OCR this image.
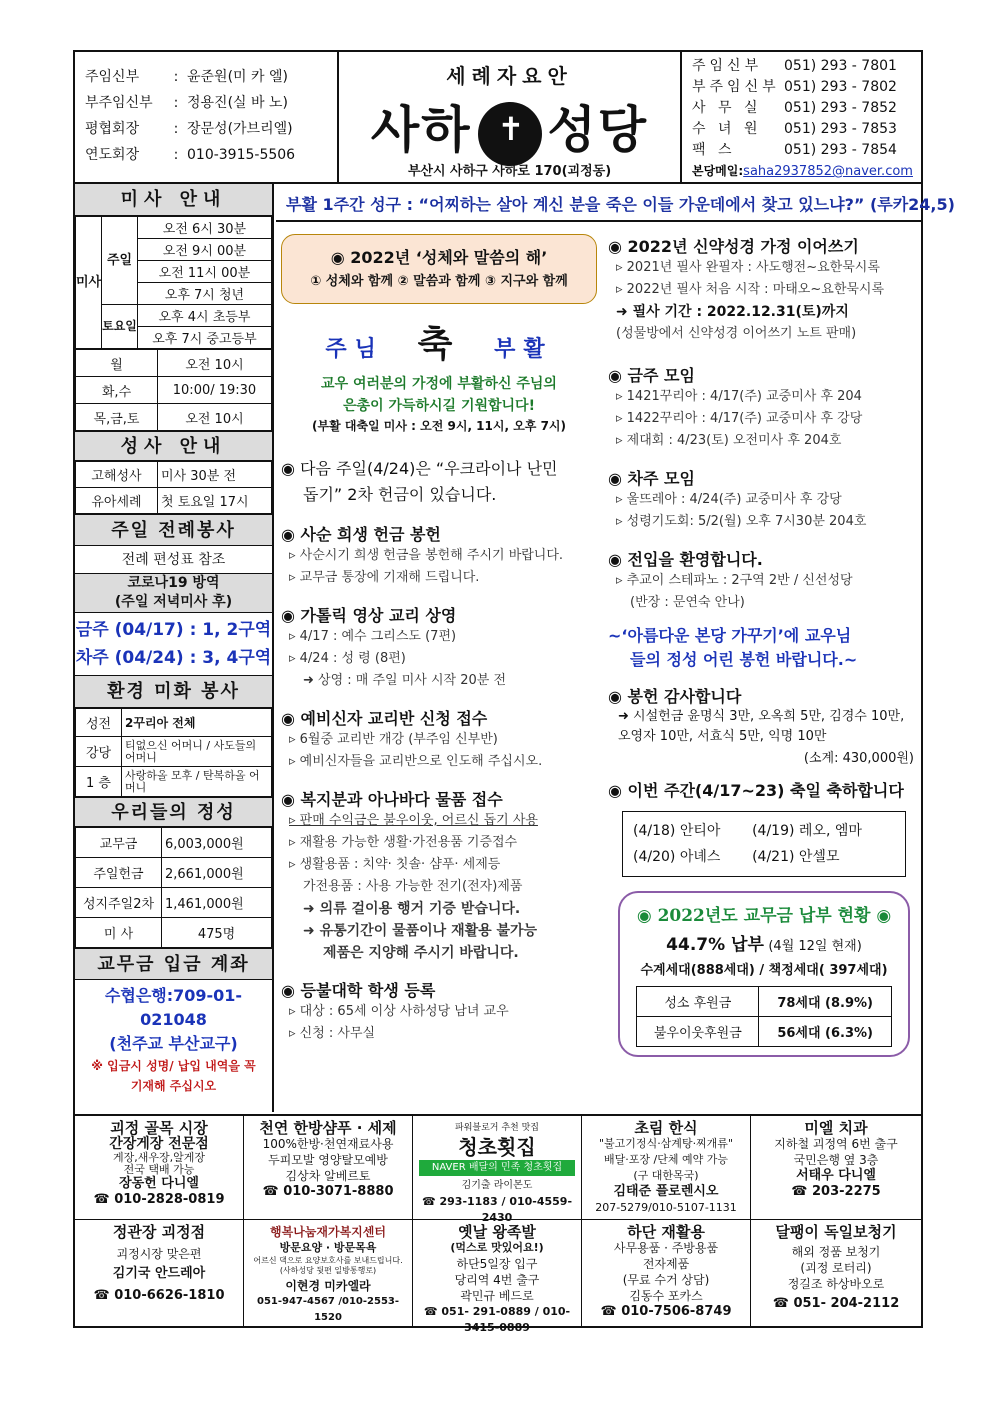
주임신부	: 윤준원(미 카 엘)
부주임신부	: 정용진(실 바 노)
평협회장	: 장문성(가브리엘)
연도회장	: 010-3915-5506
세례자요안
사하 ✝ 성당
부산시 사하구 사하로 170(괴정동)
주임신부	051) 293 - 7801
부주임신부 051) 293 - 7802
사 무 실	051) 293 - 7852
수 녀 원	051) 293 - 7853
팩 스	051) 293 - 7854
본당메일: saha2937852@naver.com
미사 안내
미사	주일	오전 6시 30분
		오전 9시 00분
		오전 11시 00분
		오후 7시 청년
	토요일	오후 4시 초등부
		오후 7시 중고등부
월	오전 10시
화,수	10:00/ 19:30
목,금,토	오전 10시
성사 안내
고해성사	미사 30분 전
유아세례	첫 토요일 17시
주일 전례봉사
전례 편성표 참조
코로나19 방역
(주일 저녁미사 후)
금주 (04/17) : 1, 2구역
차주 (04/24) : 3, 4구역
환경 미화 봉사
성전	2꾸리아 전체
강당	티없으신 어머니 / 사도들의 어머니
1 층	사랑하올 모후 / 탄복하올 어머니
우리들의 정성
교무금	6,003,000원
주일헌금	2,661,000원
성지주일2차	1,461,000원
미 사	475명
교무금 입금 계좌
수협은행:709-01-021048
(천주교 부산교구)
※ 입금시 성명/ 납입 내역을 꼭 기재해 주십시오
부활 1주간 성구 : “어찌하는 살아 계신 분을 죽은 이들 가운데에서 찾고 있느냐?” (루카24,5)
◉ 2022년 ‘성체와 말씀의 해’
① 성체와 함께 ② 말씀과 함께 ③ 지구와 함께
주님 축 부활
교우 여러분의 가정에 부활하신 주님의
은총이 가득하시길 기원합니다!
(부활 대축일 미사 : 오전 9시, 11시, 오후 7시)
◉ 다음 주일(4/24)은 “우크라이나 난민
돕기” 2차 헌금이 있습니다.
◉ 사순 희생 헌금 봉헌
▹ 사순시기 희생 헌금을 봉헌해 주시기 바랍니다.
▹ 교무금 통장에 기재해 드립니다.
◉ 가톨릭 영상 교리 상영
▹ 4/17 : 예수 그리스도 (7편)
▹ 4/24 : 성 령 (8편)
➜ 상영 : 매 주일 미사 시작 20분 전
◉ 예비신자 교리반 신청 접수
▹ 6월중 교리반 개강 (부주임 신부반)
▹ 예비신자들을 교리반으로 인도해 주십시오.
◉ 복지분과 아나바다 물품 접수
▹ 판매 수익금은 불우이웃, 어르신 돕기 사용
▹ 재활용 가능한 생활·가전용품 기증접수
▹ 생활용품 : 치약· 칫솔· 샴푸· 세제등
가전용품 : 사용 가능한 전기(전자)제품
➜ 의류 걸이용 행거 기증 받습니다.
➜ 유통기간이 물품이나 재활용 불가능
제품은 지양해 주시기 바랍니다.
◉ 등불대학 학생 등록
▹ 대상 : 65세 이상 사하성당 남녀 교우
▹ 신청 : 사무실
◉ 2022년 신약성경 가정 이어쓰기
▹ 2021년 필사 완필자 : 사도행전~요한묵시록
▹ 2022년 필사 처음 시작 : 마태오~요한묵시록
➜ 필사 기간 : 2022.12.31(토)까지
(성물방에서 신약성경 이어쓰기 노트 판매)
◉ 금주 모임
▹ 1421꾸리아 : 4/17(주) 교중미사 후 204
▹ 1422꾸리아 : 4/17(주) 교중미사 후 강당
▹ 제대회 : 4/23(토) 오전미사 후 204호
◉ 차주 모임
▹ 울뜨레아 : 4/24(주) 교중미사 후 강당
▹ 성령기도회: 5/2(월) 오후 7시30분 204호
◉ 전입을 환영합니다.
▹ 추교이 스테파노 : 2구역 2반 / 신선성당
(반장 : 문연숙 안나)
~‘아름다운 본당 가꾸기’에 교우님
들의 정성 어린 봉헌 바랍니다.~
◉ 봉헌 감사합니다
➜ 시설헌금 윤명식 3만, 오옥희 5만, 김경수 10만, 오영자 10만, 서효식 5만, 익명 10만
(소계: 430,000원)
◉ 이번 주간(4/17~23) 축일 축하합니다
(4/18) 안티아	(4/19) 레오, 엠마
(4/20) 아녜스	(4/21) 안셀모
◉ 2022년도 교무금 납부 현황 ◉
44.7% 납부 (4월 12일 현재)
수계세대(888세대) / 책정세대( 397세대)
성소 후원금	78세대 (8.9%)
불우이웃후원금	56세대 (6.3%)
괴정 골목 시장
간장게장 전문점
게장,새우장,알게장
전국 택배 가능
장동헌 다니엘
☎ 010-2828-0819
천연 한방샴푸 · 세제
100%한방·천연재료사용
두피모발 영양탈모예방
김상차 알베르토
☎ 010-3071-8880
파워블로거 추천 맛집
청초횟집
NAVER 배달의 민족 청초횟집
김기출 라이몬도
☎ 293-1183 / 010-4559-2430
초림 한식
"불고기정식·삼계탕·찌개류"
배달·포장 /단체 예약 가능
(구 대한목국)
김태준 플로렌시오
207-5279/010-5107-1131
미엘 치과
지하철 괴정역 6번 출구
국민은행 옆 3층
서태우 다니엘
☎ 203-2275
정관장 괴정점
괴정시장 맞은편
김기국 안드레아
☎ 010-6626-1810
행복나눔재가복지센터
방문요양 · 방문목욕
어르신 댁으로 요양보호사를 보내드립니다.
(사하성당 뒷편 일방통행로)
이현경 미카엘라
051-947-4567 /010-2553-1520
옛날 왕족발
(먹스로 맛있어요!)
하단5일장 입구
당리역 4번 출구
곽민규 베드로
☎ 051- 291-0889 / 010-3415-0889
하단 재활용
사무용품 · 주방용품
전자제품
(무료 수거 상담)
김동수 포카스
☎ 010-7506-8749
달팽이 독일보청기
해외 정품 보청기
(괴정 로터리)
정길조 하상바오로
☎ 051- 204-2112
